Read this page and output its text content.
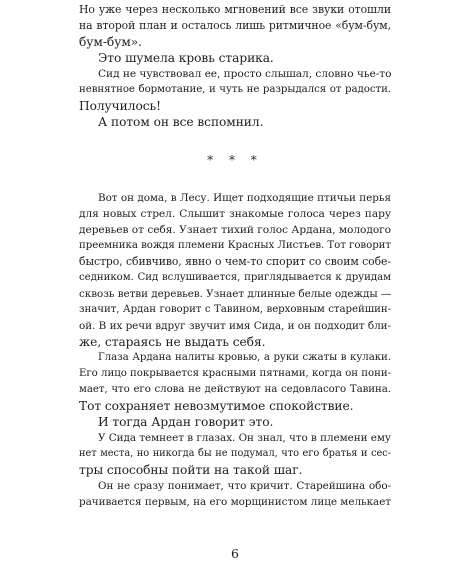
Но уже через несколько мгновений все звуки отошли
на второй план и осталось лишь ритмичное «бум-бум,
бум-бум».
Это шумела кровь старика.
Сид не чувствовал ее, просто слышал, словно чье-то
невнятное бормотание, и чуть не разрыдался от радости.
Получилось!
А потом он все вспомнил.
* * *
Вот он дома, в Лесу. Ищет подходящие птичьи перья
для новых стрел. Слышит знакомые голоса через пару
деревьев от себя. Узнает тихий голос Ардана, молодого
преемника вождя племени Красных Листьев. Тот говорит
быстро, сбивчиво, явно о чем-то спорит со своим собе-
седником. Сид вслушивается, приглядывается к друидам
сквозь ветви деревьев. Узнает длинные белые одежды —
значит, Ардан говорит с Тавином, верховным старейшин-
ой. В их речи вдруг звучит имя Сида, и он подходит бли-
же, стараясь не выдать себя.
Глаза Ардана налиты кровью, а руки сжаты в кулаки.
Его лицо покрывается красными пятнами, когда он пони-
мает, что его слова не действуют на седовласого Тавина.
Тот сохраняет невозмутимое спокойствие.
И тогда Ардан говорит это.
У Сида темнеет в глазах. Он знал, что в племени ему
нет места, но никогда бы не подумал, что его братья и сес-
тры способны пойти на такой шаг.
Он не сразу понимает, что кричит. Старейшина обо-
рачивается первым, на его морщинистом лице мелькает
6
